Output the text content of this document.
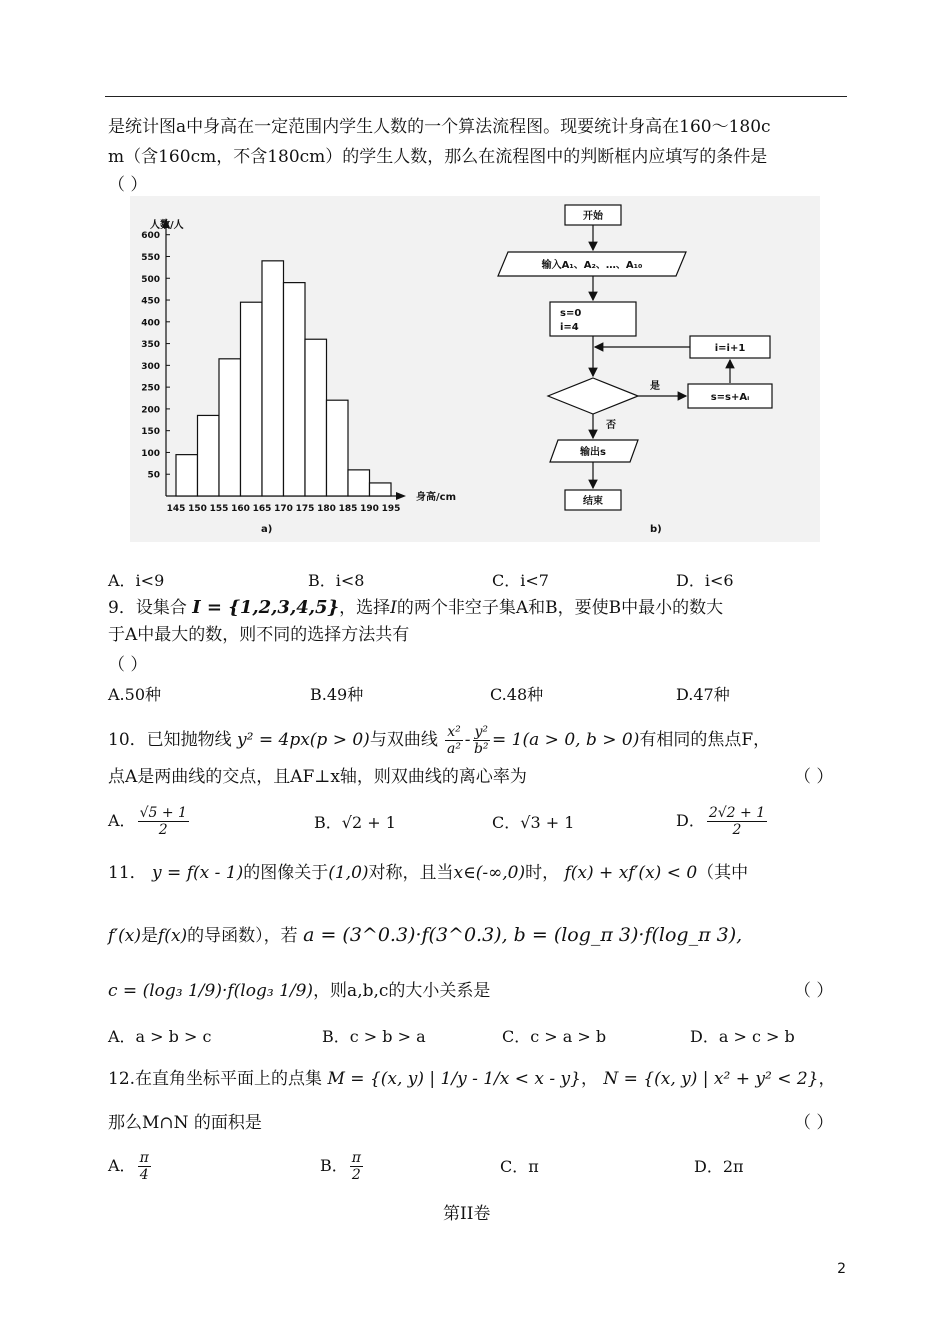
是统计图a中身高在一定范围内学生人数的一个算法流程图。现要统计身高在160～180c
m（含160cm，不含180cm）的学生人数，那么在流程图中的判断框内应填写的条件是
（ ）
人数/人
身高/cm
a)
600
550
500
450
400
350
300
250
200
150
100
50
145 150 155 160 165 170 175 180 185 190 195
开始
输入A₁、A₂、…、A₁₀
s=0
i=4
i=i+1
是
s=s+Aᵢ
否
输出s
结束
b)
A．i<9	B．i<8	C．i<7	D．i<6
9．设集合 I = {1,2,3,4,5}，选择I的两个非空子集A和B，要使B中最小的数大
于A中最大的数，则不同的选择方法共有
（ ）
A.50种	B.49种	C.48种	D.47种
10．已知抛物线 y² = 4px(p > 0)与双曲线 $\frac{\text{x²}}{\text{a²}} - \frac{\text{y²}}{\text{b²}} = 1(a > 0$, b > 0)有相同的焦点F，
点A是两曲线的交点，且AF⊥x轴，则双曲线的离心率为	（ ）
A． $\frac{√5 + 1}{2}$	B．√2 + 1	C．√3 + 1	D． $\frac{2√2 + 1}{2}$
11． y = f(x - 1)的图像关于(1,0)对称，且当x∈(-∞,0)时， f(x) + xf′(x) < 0（其中
f′(x)是f(x)的导函数），若 a = (3^0.3)·f(3^0.3), b = (log_π 3)·f(log_π 3),
c = (log₃ 1/9)·f(log₃ 1/9)，则a,b,c的大小关系是	（ ）
A．a > b > c	B．c > b > a	C．c > a > b	D．a > c > b
12.在直角坐标平面上的点集 M = {(x, y) | 1/y - 1/x < x - y}， N = {(x, y) | x² + y² < 2}，
那么M∩N 的面积是	（ ）
A． $\frac{\pi}{4}$	B． $\frac{\pi}{2}$	C．π	D．2π
第II卷
2
